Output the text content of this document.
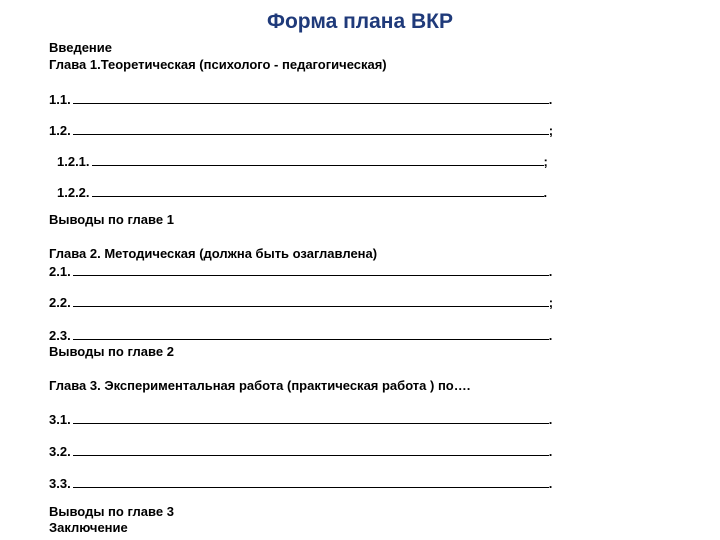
Форма плана ВКР
Введение
Глава 1.Теоретическая (психолого - педагогическая)
1.1.	.
1.2.	;
1.2.1.	;
1.2.2.	.
Выводы по главе 1
Глава 2. Методическая (должна быть озаглавлена)
2.1.	.
2.2.	;
2.3.	.
Выводы по главе 2
Глава 3. Экспериментальная работа (практическая работа ) по….
3.1.	.
3.2.	.
3.3.	.
Выводы по главе 3
Заключение
